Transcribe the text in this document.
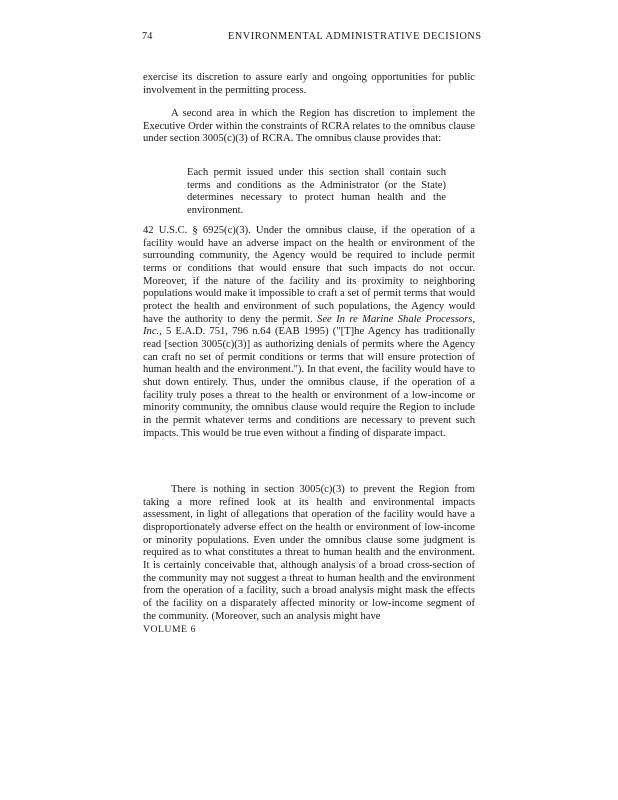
74	ENVIRONMENTAL ADMINISTRATIVE DECISIONS

exercise its discretion to assure early and ongoing opportunities for public involvement in the permitting process.

A second area in which the Region has discretion to implement the Executive Order within the constraints of RCRA relates to the omnibus clause under section 3005(c)(3) of RCRA. The omnibus clause provides that:

Each permit issued under this section shall contain such terms and conditions as the Administrator (or the State) determines necessary to protect human health and the environment.

42 U.S.C. § 6925(c)(3). Under the omnibus clause, if the operation of a facility would have an adverse impact on the health or environment of the surrounding community, the Agency would be required to include permit terms or conditions that would ensure that such impacts do not occur. Moreover, if the nature of the facility and its proximity to neighboring populations would make it impossible to craft a set of permit terms that would protect the health and environment of such populations, the Agency would have the authority to deny the permit. See In re Marine Shale Processors, Inc., 5 E.A.D. 751, 796 n.64 (EAB 1995) ("[T]he Agency has traditionally read [section 3005(c)(3)] as authorizing denials of permits where the Agency can craft no set of permit conditions or terms that will ensure protection of human health and the environment."). In that event, the facility would have to shut down entirely. Thus, under the omnibus clause, if the operation of a facility truly poses a threat to the health or environment of a low-income or minority community, the omnibus clause would require the Region to include in the permit whatever terms and conditions are necessary to prevent such impacts. This would be true even without a finding of disparate impact.

There is nothing in section 3005(c)(3) to prevent the Region from taking a more refined look at its health and environmental impacts assessment, in light of allegations that operation of the facility would have a disproportionately adverse effect on the health or environment of low-income or minority populations. Even under the omnibus clause some judgment is required as to what constitutes a threat to human health and the environment. It is certainly conceivable that, although analysis of a broad cross-section of the community may not suggest a threat to human health and the environment from the operation of a facility, such a broad analysis might mask the effects of the facility on a disparately affected minority or low-income segment of the community. (Moreover, such an analysis might have

VOLUME 6
